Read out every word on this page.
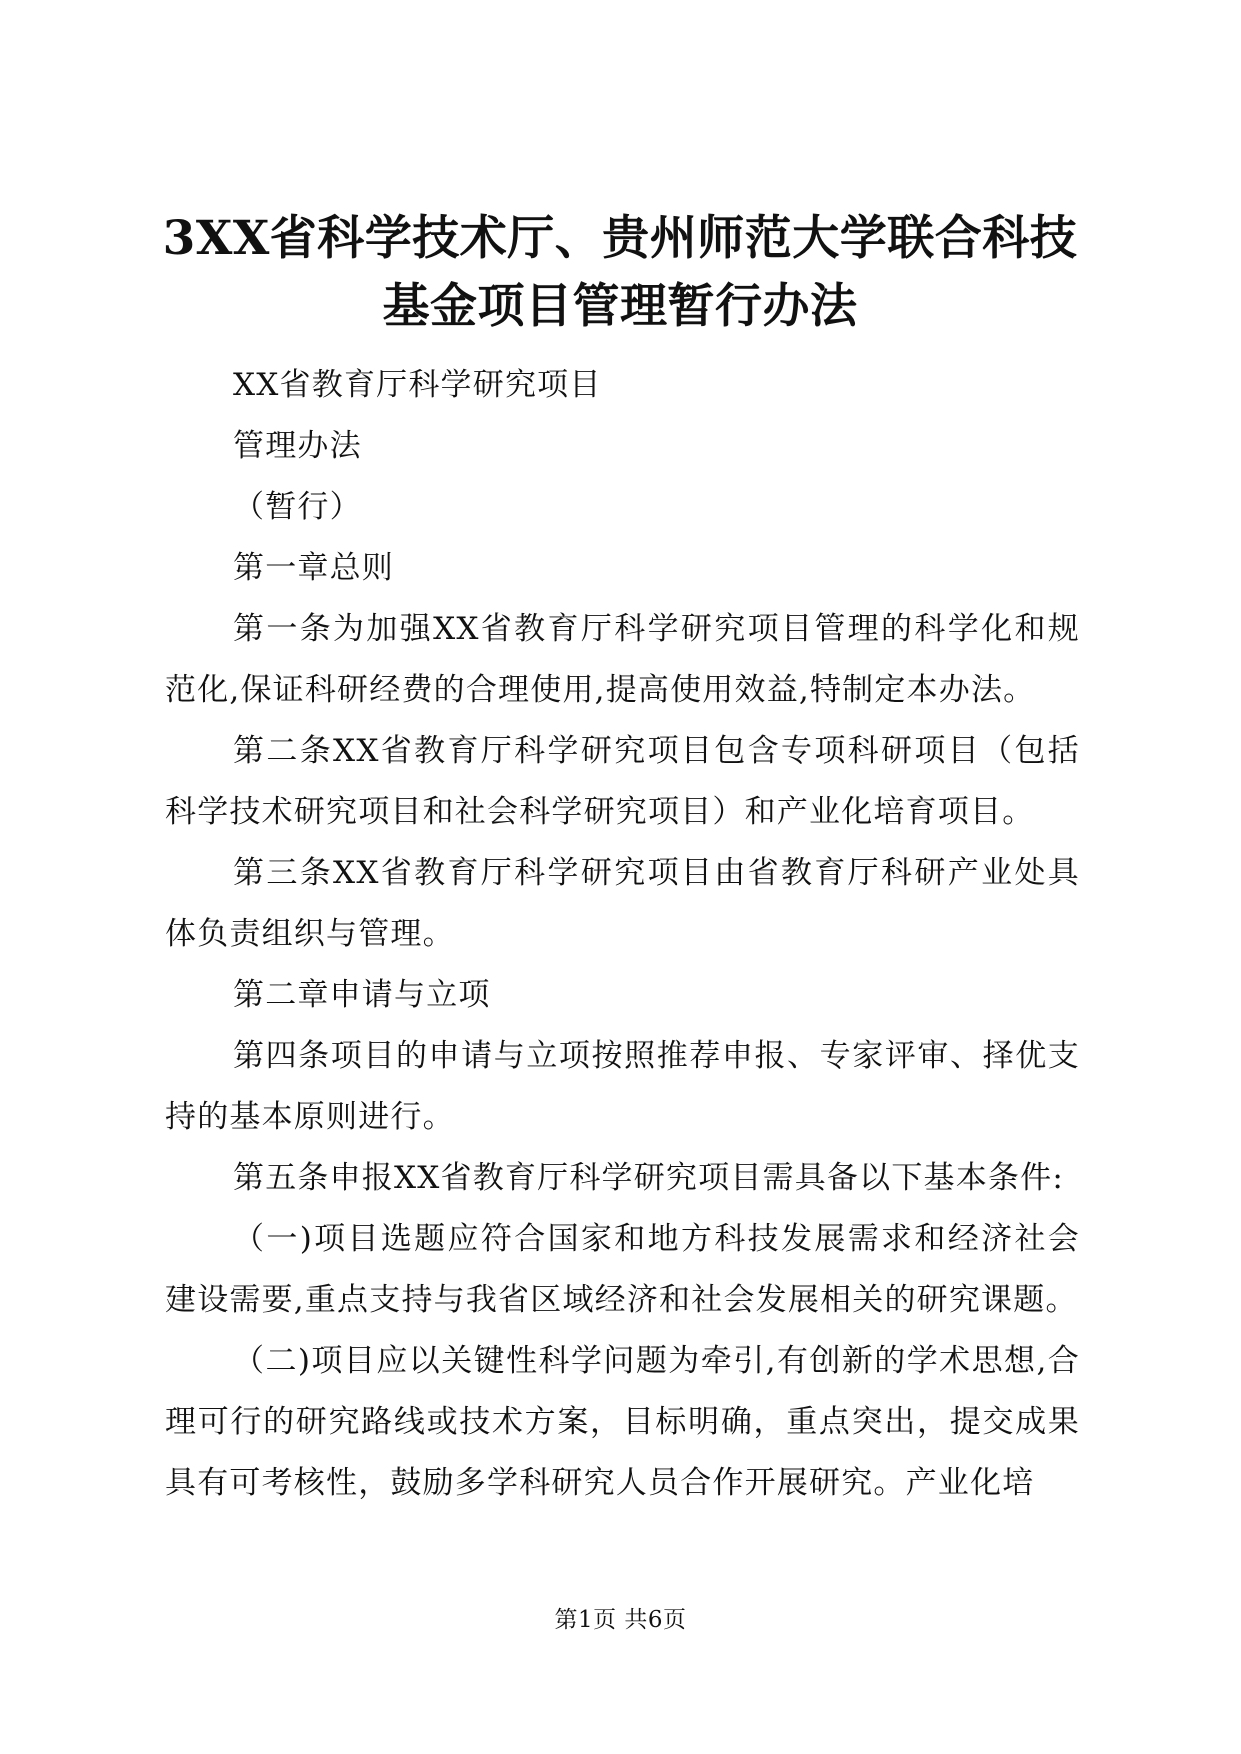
3XX省科学技术厅、贵州师范大学联合科技基金项目管理暂行办法

XX省教育厅科学研究项目

管理办法

（暂行）

第一章总则

第一条为加强XX省教育厅科学研究项目管理的科学化和规范化,保证科研经费的合理使用,提高使用效益,特制定本办法。

第二条XX省教育厅科学研究项目包含专项科研项目（包括科学技术研究项目和社会科学研究项目）和产业化培育项目。

第三条XX省教育厅科学研究项目由省教育厅科研产业处具体负责组织与管理。

第二章申请与立项

第四条项目的申请与立项按照推荐申报、专家评审、择优支持的基本原则进行。

第五条申报XX省教育厅科学研究项目需具备以下基本条件:

（一)项目选题应符合国家和地方科技发展需求和经济社会建设需要,重点支持与我省区域经济和社会发展相关的研究课题。

（二)项目应以关键性科学问题为牵引,有创新的学术思想,合理可行的研究路线或技术方案，目标明确，重点突出，提交成果具有可考核性，鼓励多学科研究人员合作开展研究。产业化培

第1页 共6页
